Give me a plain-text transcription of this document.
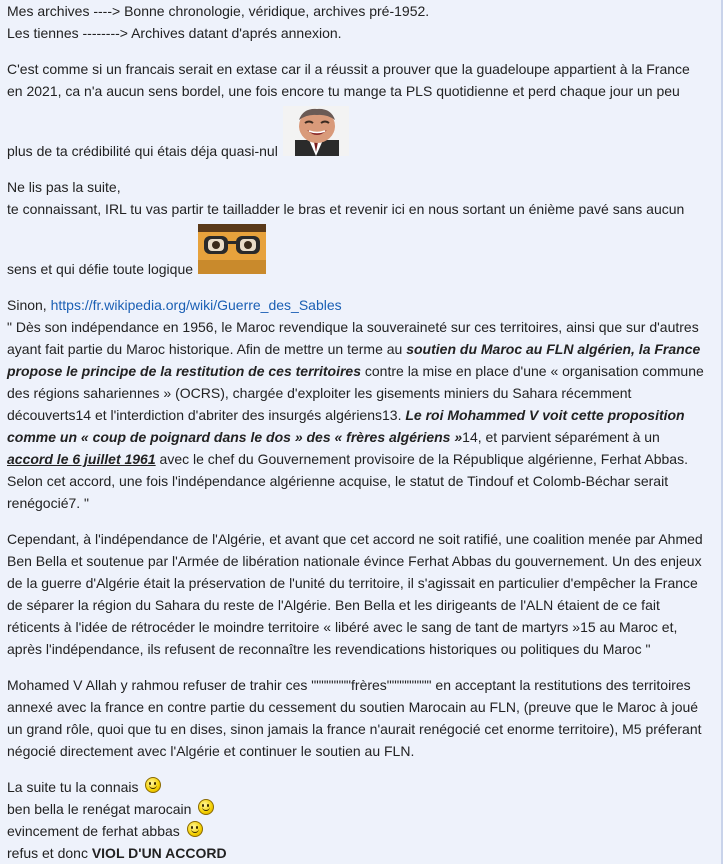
Mes archives ----> Bonne chronologie, véridique, archives pré-1952.

Les tiennes --------> Archives datant d'aprés annexion.

C'est comme si un francais serait en extase car il a réussit a prouver que la guadeloupe appartient à la France

en 2021, ca n'a aucun sens bordel, une fois encore tu mange ta PLS quotidienne et perd chaque jour un peu

plus de ta crédibilité qui étais déja quasi-nul

Ne lis pas la suite,

te connaissant, IRL tu vas partir te tailladder le bras et revenir ici en nous sortant un énième pavé sans aucun

sens et qui défie toute logique

Sinon, https://fr.wikipedia.org/wiki/Guerre_des_Sables

" Dès son indépendance en 1956, le Maroc revendique la souveraineté sur ces territoires, ainsi que sur d'autres

ayant fait partie du Maroc historique. Afin de mettre un terme au soutien du Maroc au FLN algérien, la France

propose le principe de la restitution de ces territoires contre la mise en place d'une « organisation commune

des régions sahariennes » (OCRS), chargée d'exploiter les gisements miniers du Sahara récemment

découverts14 et l'interdiction d'abriter des insurgés algériens13. Le roi Mohammed V voit cette proposition

comme un « coup de poignard dans le dos » des « frères algériens »14, et parvient séparément à un

accord le 6 juillet 1961 avec le chef du Gouvernement provisoire de la République algérienne, Ferhat Abbas.

Selon cet accord, une fois l'indépendance algérienne acquise, le statut de Tindouf et Colomb-Béchar serait

renégocié7. "

Cependant, à l'indépendance de l'Algérie, et avant que cet accord ne soit ratifié, une coalition menée par Ahmed

Ben Bella et soutenue par l'Armée de libération nationale évince Ferhat Abbas du gouvernement. Un des enjeux

de la guerre d'Algérie était la préservation de l'unité du territoire, il s'agissait en particulier d'empêcher la France

de séparer la région du Sahara du reste de l'Algérie. Ben Bella et les dirigeants de l'ALN étaient de ce fait

réticents à l'idée de rétrocéder le moindre territoire « libéré avec le sang de tant de martyrs »15 au Maroc et,

après l'indépendance, ils refusent de reconnaître les revendications historiques ou politiques du Maroc "

Mohamed V Allah y rahmou refuser de trahir ces """"""""frères""""""""" en acceptant la restitutions des territoires

annexé avec la france en contre partie du cessement du soutien Marocain au FLN, (preuve que le Maroc à joué

un grand rôle, quoi que tu en dises, sinon jamais la france n'aurait renégocié cet enorme territoire), M5 préferant

négocié directement avec l'Algérie et continuer le soutien au FLN.

La suite tu la connais

ben bella le renégat marocain

evincement de ferhat abbas

refus et donc VIOL D'UN ACCORD
